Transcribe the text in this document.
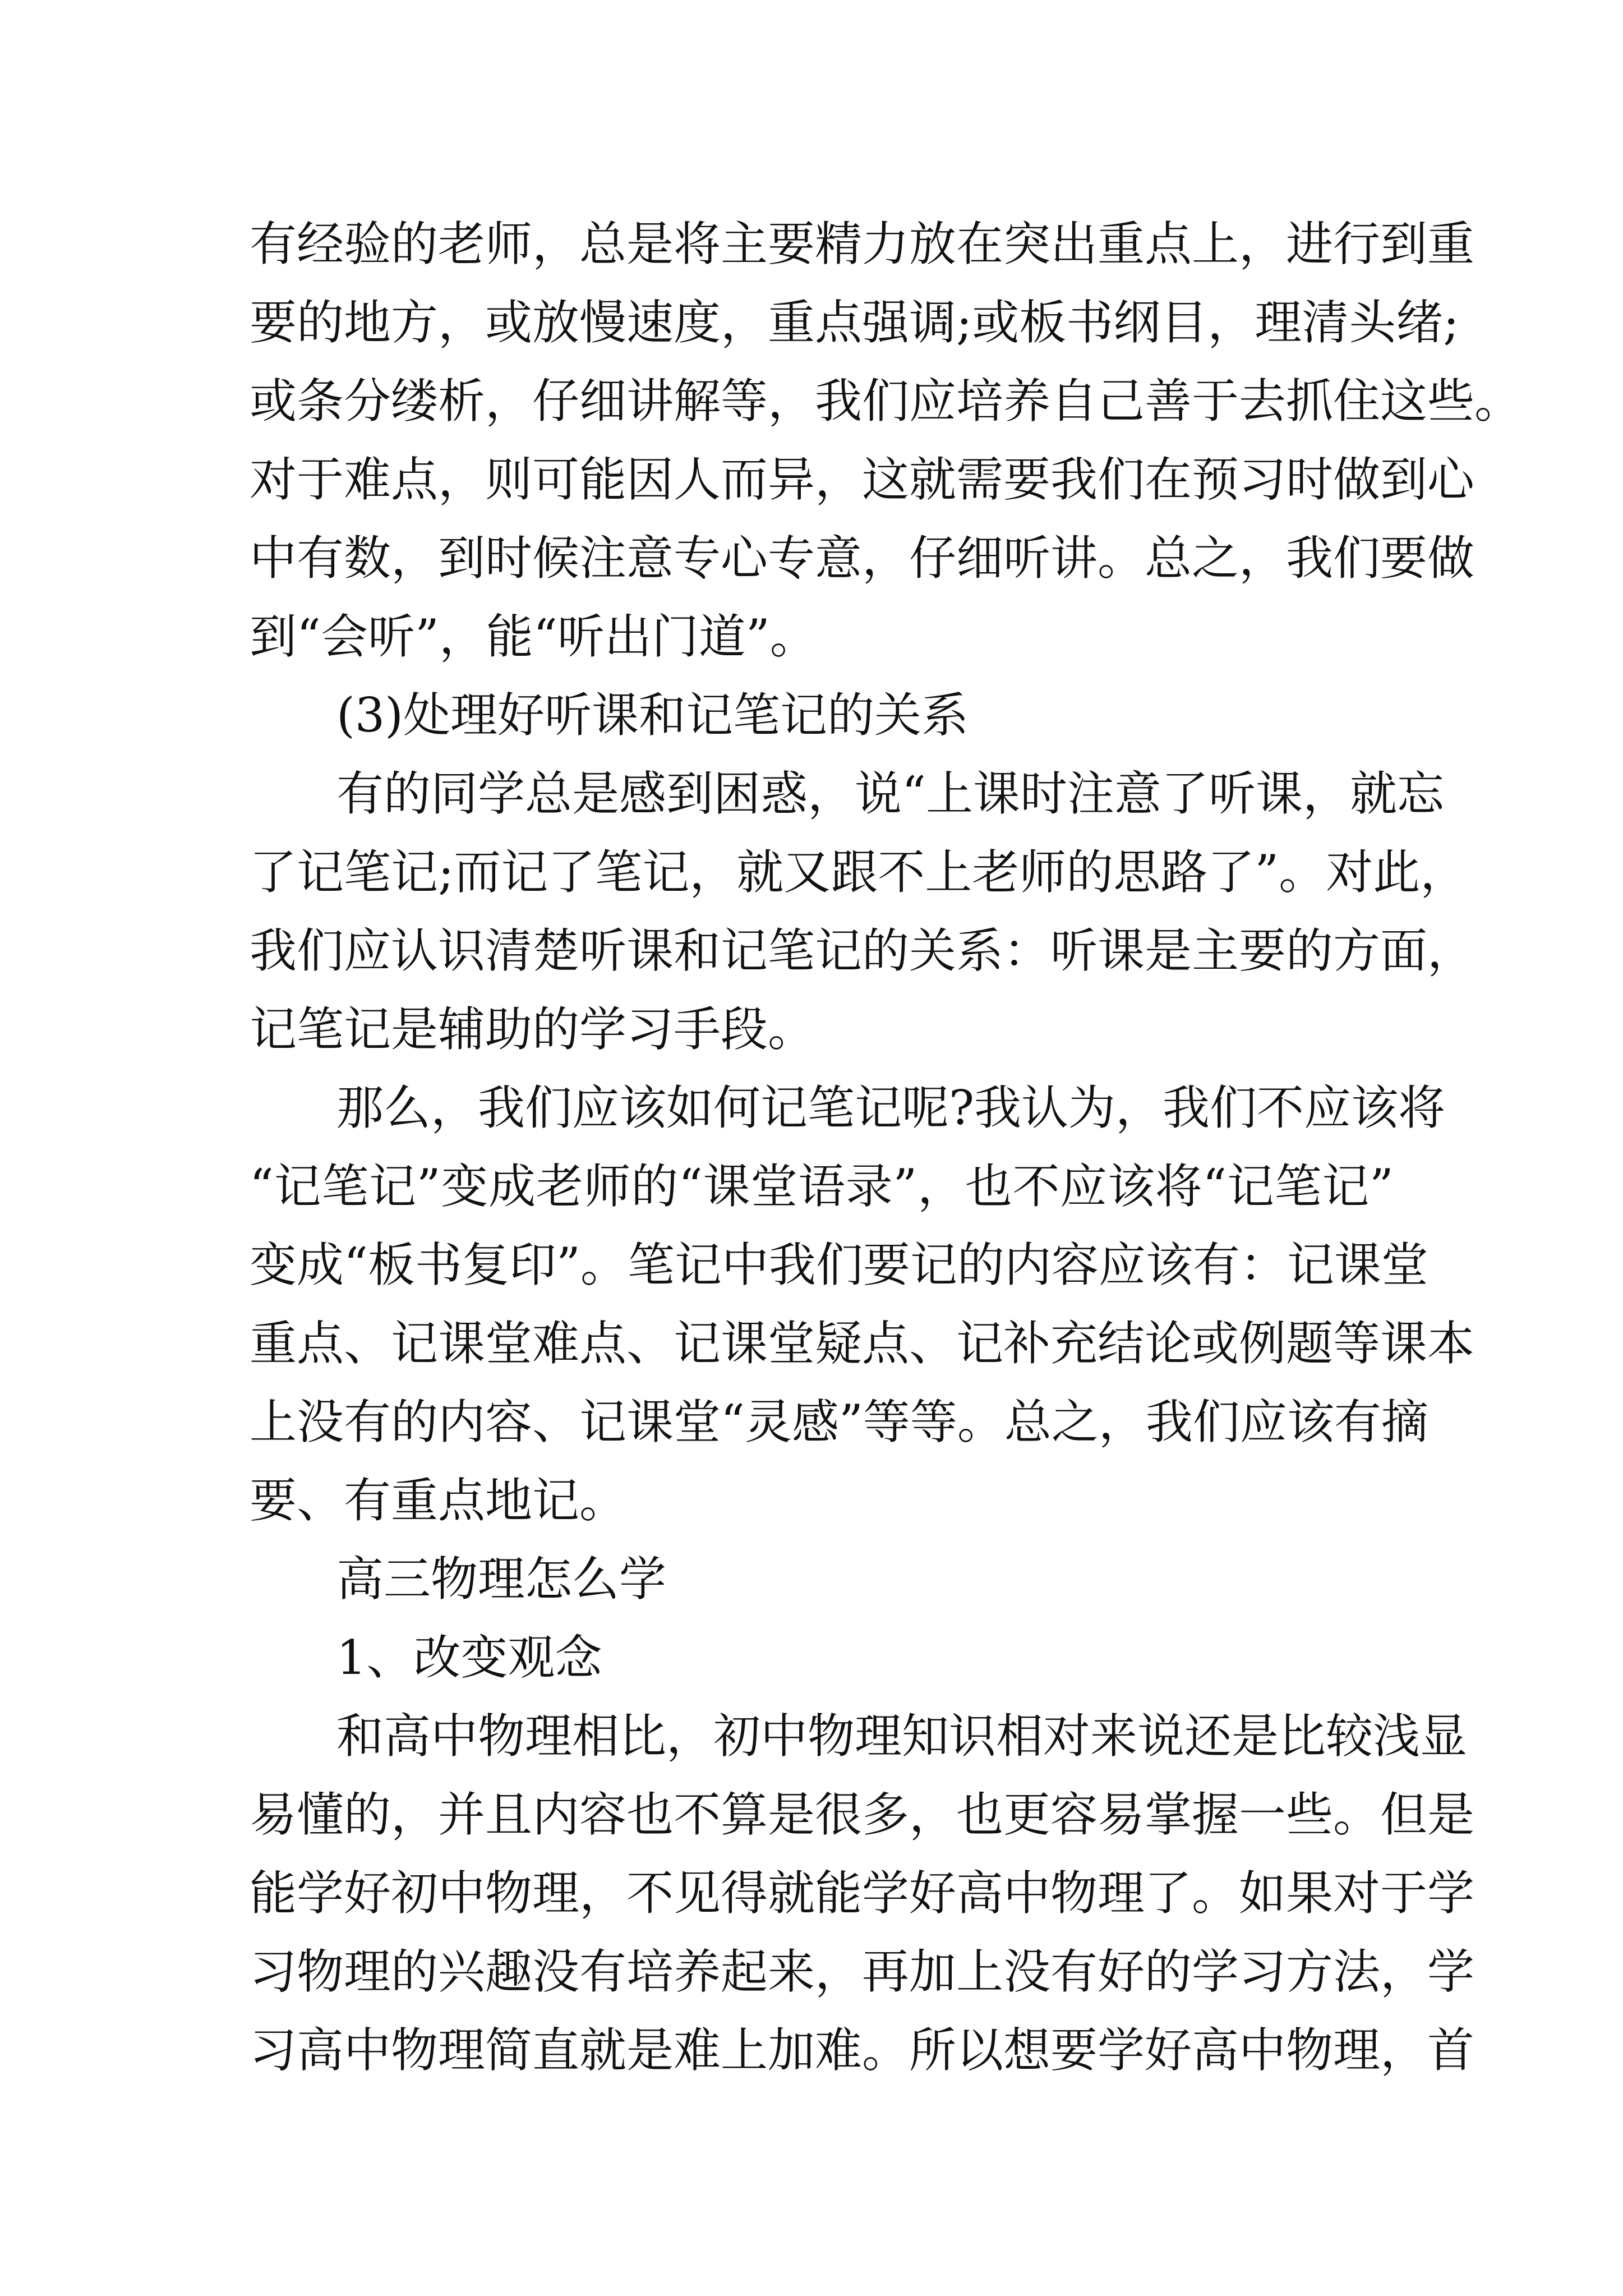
有经验的老师，总是将主要精力放在突出重点上，进行到重
要的地方，或放慢速度，重点强调;或板书纲目，理清头绪;
或条分缕析，仔细讲解等，我们应培养自己善于去抓住这些。
对于难点，则可能因人而异，这就需要我们在预习时做到心
中有数，到时候注意专心专意，仔细听讲。总之，我们要做
到“会听”，能“听出门道”。
(3)处理好听课和记笔记的关系
有的同学总是感到困惑，说“上课时注意了听课，就忘
了记笔记;而记了笔记，就又跟不上老师的思路了”。对此，
我们应认识清楚听课和记笔记的关系：听课是主要的方面，
记笔记是辅助的学习手段。
那么，我们应该如何记笔记呢?我认为，我们不应该将
“记笔记”变成老师的“课堂语录”，也不应该将“记笔记”
变成“板书复印”。笔记中我们要记的内容应该有：记课堂
重点、记课堂难点、记课堂疑点、记补充结论或例题等课本
上没有的内容、记课堂“灵感”等等。总之，我们应该有摘
要、有重点地记。
高三物理怎么学
1、改变观念
和高中物理相比，初中物理知识相对来说还是比较浅显
易懂的，并且内容也不算是很多，也更容易掌握一些。但是
能学好初中物理，不见得就能学好高中物理了。如果对于学
习物理的兴趣没有培养起来，再加上没有好的学习方法，学
习高中物理简直就是难上加难。所以想要学好高中物理，首
